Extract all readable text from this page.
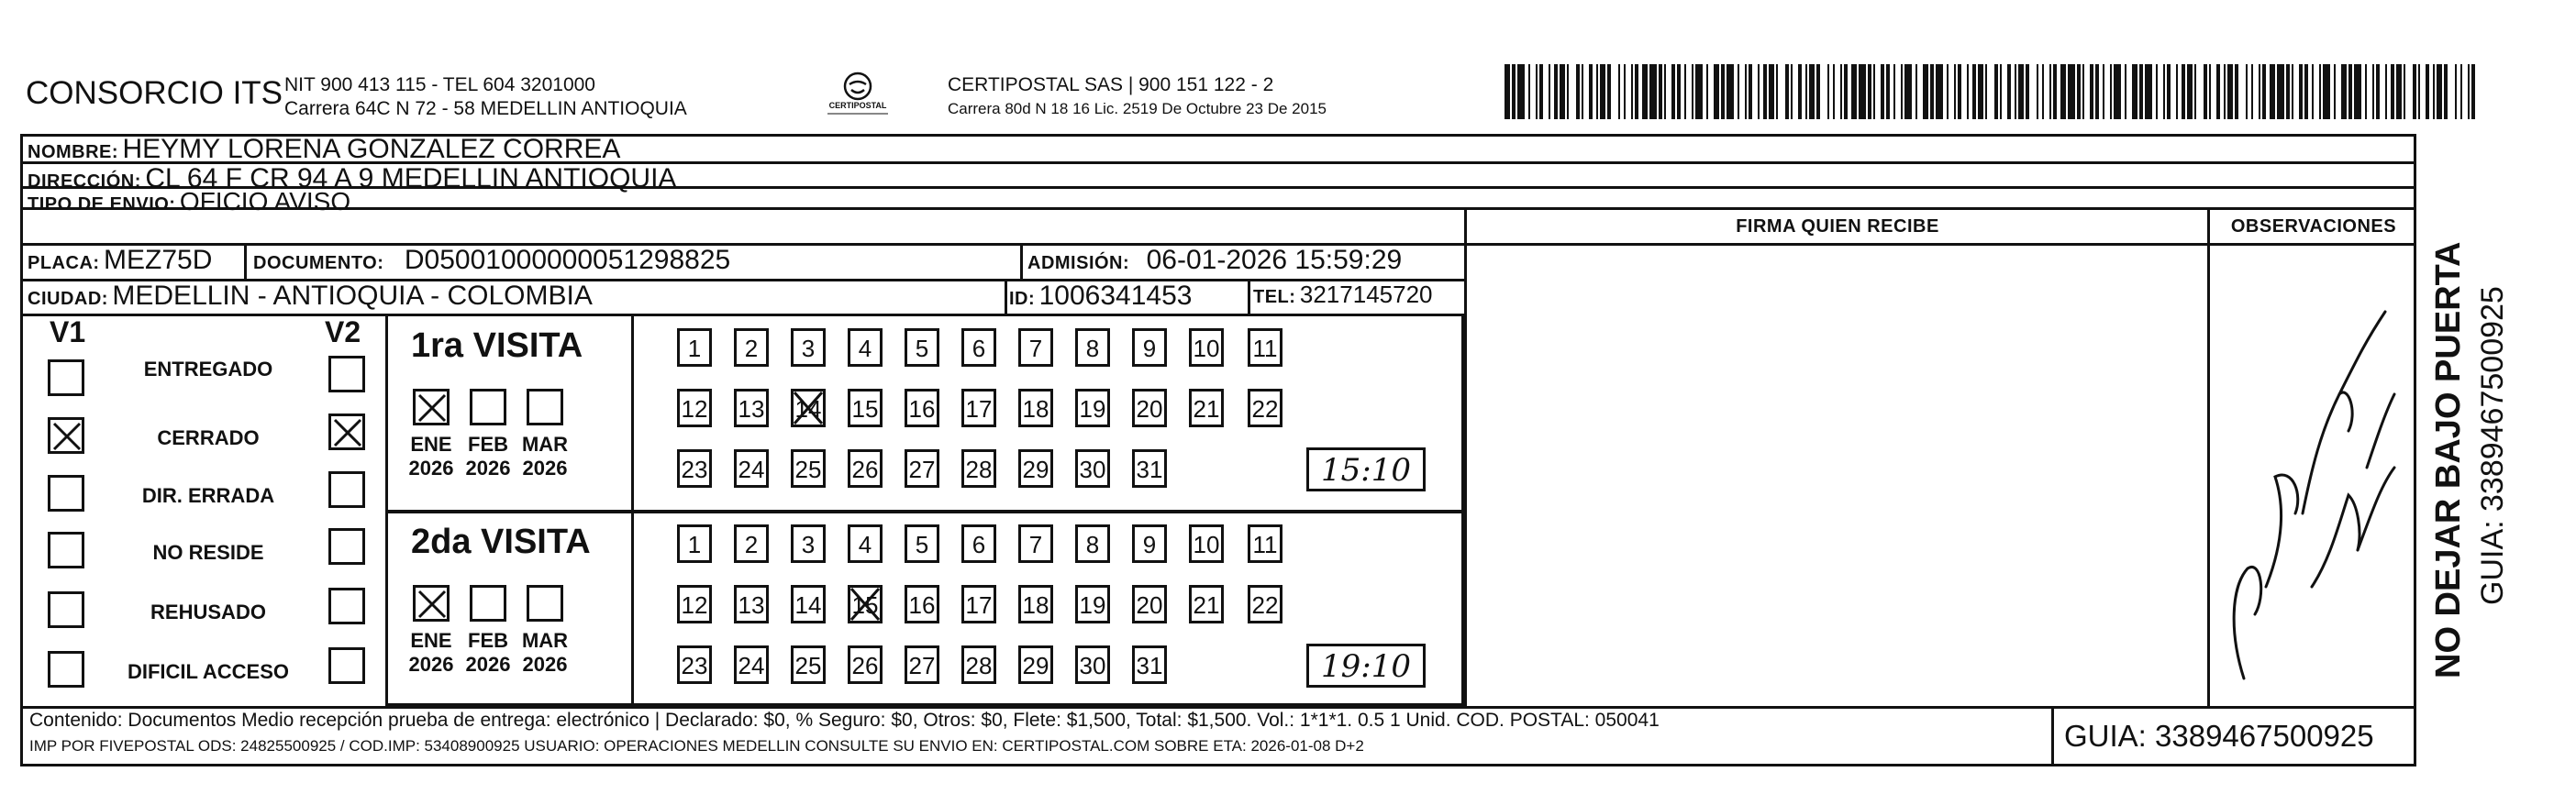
CONSORCIO ITS NIT 900 413 115 - TEL 604 3201000
Carrera 64C N 72 - 58 MEDELLIN ANTIOQUIA	CERTIPOSTAL
CERTIPOSTAL SAS | 900 151 122 - 2
Carrera 80d N 18 16 Lic. 2519 De Octubre 23 De 2015
NOMBRE: HEYMY LORENA GONZALEZ CORREA
DIRECCIÓN: CL 64 F CR 94 A 9 MEDELLIN ANTIOQUIA
TIPO DE ENVIO: OFICIO AVISO
FIRMA QUIEN RECIBE	OBSERVACIONES
PLACA: MEZ75D DOCUMENTO: D05001000000051298825	ADMISIÓN: 06-01-2026 15:59:29
CIUDAD: MEDELLIN - ANTIOQUIA - COLOMBIA	ID: 1006341453	TEL: 3217145720
V1	V2
ENTREGADO
CERRADO
DIR. ERRADA
NO RESIDE
REHUSADO
DIFICIL ACCESO
1ra VISITA
ENE
2026
FEB
2026
MAR
2026
1	2	3	4	5	6	7	8	9	10 11
12 13 14 15 16 17 18 19 20 21 22
23 24 25 26 27 28 29 30 31	15:10
2da VISITA
ENE
2026
FEB
2026
MAR
2026
1	2	3	4	5	6	7	8	9	10 11
12 13 14 15 16 17 18 19 20 21 22
23 24 25 26 27 28 29 30 31	19:10
Contenido: Documentos Medio recepción prueba de entrega: electrónico | Declarado: $0, % Seguro: $0, Otros: $0, Flete: $1,500, Total: $1,500. Vol.: 1*1*1. 0.5 1 Unid. COD. POSTAL: 050041
IMP POR FIVEPOSTAL ODS: 24825500925 / COD.IMP: 53408900925 USUARIO: OPERACIONES MEDELLIN CONSULTE SU ENVIO EN: CERTIPOSTAL.COM SOBRE ETA: 2026-01-08 D+2	GUIA: 3389467500925
NO DEJAR BAJO PUERTA GUIA: 3389467500925
